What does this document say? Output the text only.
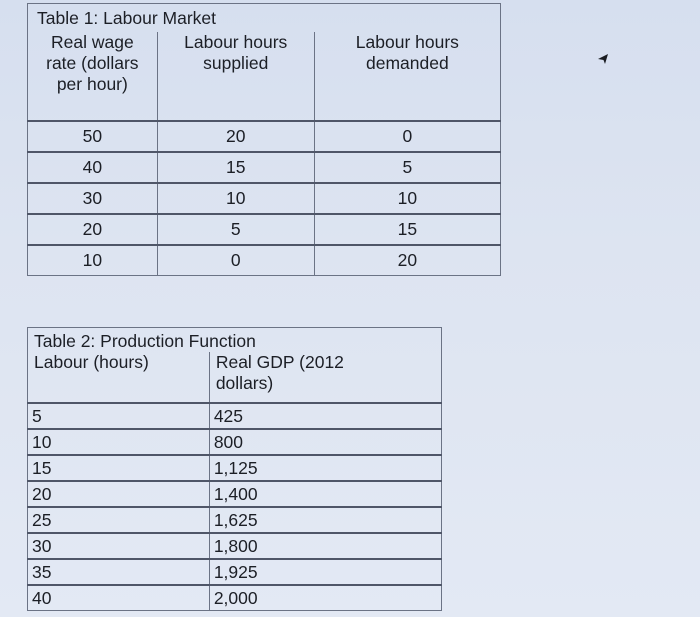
Table 1: Labour Market		
Real wage rate (dollars per hour)	Labour hours supplied	Labour hours demanded
50	20	0
40	15	5
30	10	10
20	5	15
10	0	20
Table 2: Production Function	
Labour (hours)	Real GDP (2012 dollars)
5	425
10	800
15	1,125
20	1,400
25	1,625
30	1,800
35	1,925
40	2,000
